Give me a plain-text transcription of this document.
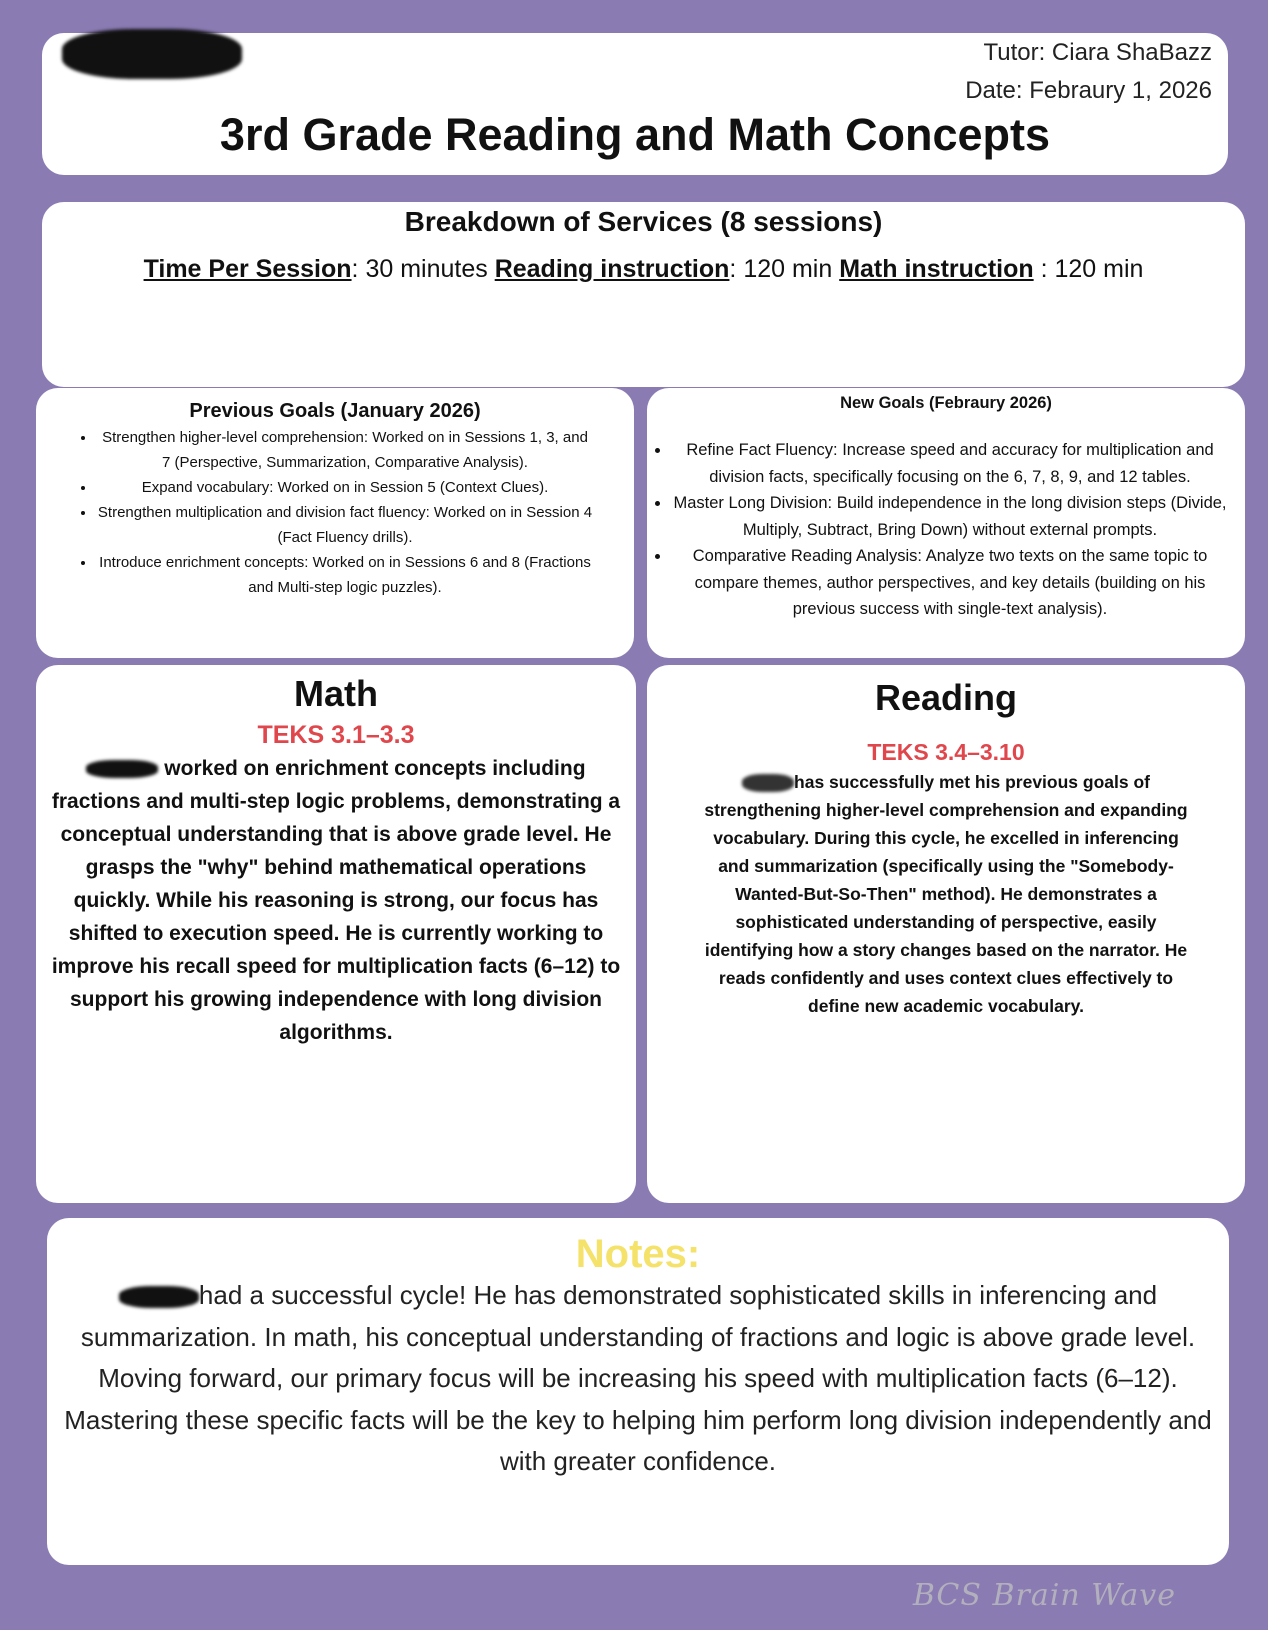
Tutor: Ciara ShaBazz
Date: Febraury 1, 2026
3rd Grade Reading and Math Concepts
Breakdown of Services (8 sessions)
Time Per Session: 30 minutes Reading instruction: 120 min Math instruction : 120 min
Previous Goals (January 2026)
• Strengthen higher-level comprehension: Worked on in Sessions 1, 3, and 7 (Perspective, Summarization, Comparative Analysis).
• Expand vocabulary: Worked on in Session 5 (Context Clues).
• Strengthen multiplication and division fact fluency: Worked on in Session 4 (Fact Fluency drills).
• Introduce enrichment concepts: Worked on in Sessions 6 and 8 (Fractions and Multi-step logic puzzles).
New Goals (Febraury 2026)
• Refine Fact Fluency: Increase speed and accuracy for multiplication and division facts, specifically focusing on the 6, 7, 8, 9, and 12 tables.
• Master Long Division: Build independence in the long division steps (Divide, Multiply, Subtract, Bring Down) without external prompts.
• Comparative Reading Analysis: Analyze two texts on the same topic to compare themes, author perspectives, and key details (building on his previous success with single-text analysis).
Math
TEKS 3.1–3.3
worked on enrichment concepts including fractions and multi-step logic problems, demonstrating a conceptual understanding that is above grade level. He grasps the "why" behind mathematical operations quickly. While his reasoning is strong, our focus has shifted to execution speed. He is currently working to improve his recall speed for multiplication facts (6–12) to support his growing independence with long division algorithms.
Reading
TEKS 3.4–3.10
has successfully met his previous goals of strengthening higher-level comprehension and expanding vocabulary. During this cycle, he excelled in inferencing and summarization (specifically using the "Somebody-Wanted-But-So-Then" method). He demonstrates a sophisticated understanding of perspective, easily identifying how a story changes based on the narrator. He reads confidently and uses context clues effectively to define new academic vocabulary.
Notes:
had a successful cycle! He has demonstrated sophisticated skills in inferencing and summarization. In math, his conceptual understanding of fractions and logic is above grade level. Moving forward, our primary focus will be increasing his speed with multiplication facts (6–12). Mastering these specific facts will be the key to helping him perform long division independently and with greater confidence.
BCS Brain Wave
